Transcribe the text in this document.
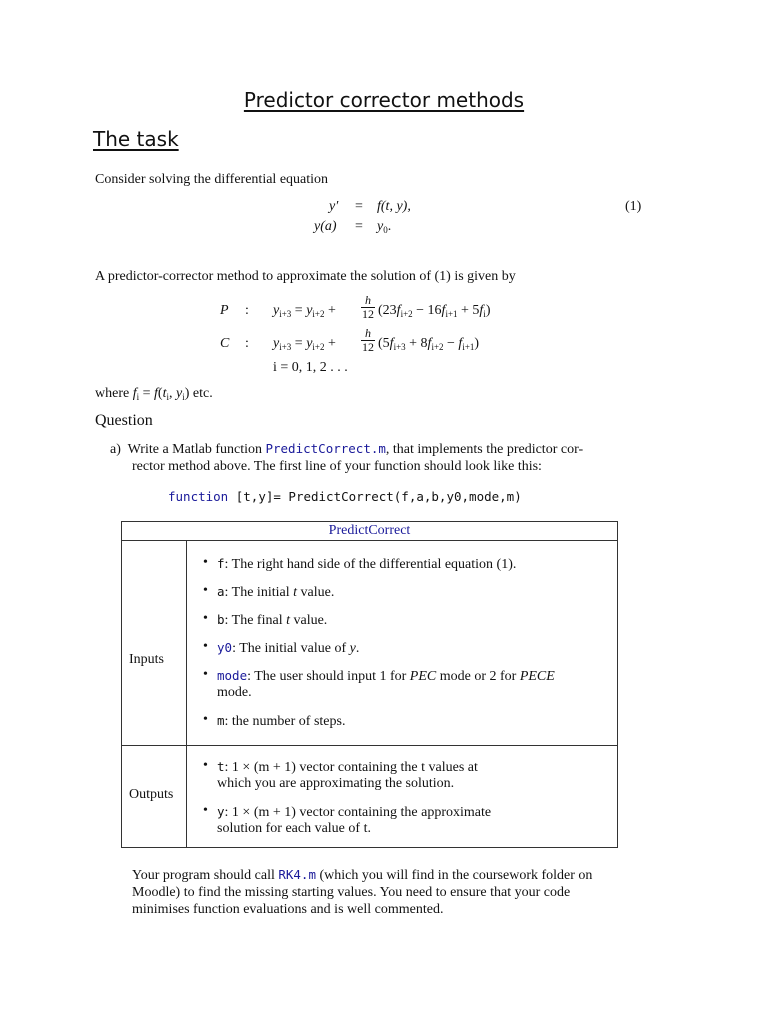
Predictor corrector methods
The task
Consider solving the differential equation
y′ = f(t, y),	(1)
$y(a) = y_0$.
A predictor-corrector method to approximate the solution of (1) is given by
P : $y_{i+3} = y_{i+2} + \frac{h}{12} (23f_{i+2} - 16f_{i+1} + 5f_i)$
C : $y_{i+3} = y_{i+2} + \frac{h}{12} (5f_{i+3} + 8f_{i+2} - f_{i+1})$
i = 0, 1, 2 . . .
where $f_i = f(t_i$, $y_i$) etc.
Question
a) Write a Matlab function PredictCorrect.m, that implements the predictor cor-
rector method above. The first line of your function should look like this:
function [t,y]= PredictCorrect(f,a,b,y0,mode,m)
PredictCorrect
Inputs
• f: The right hand side of the differential equation (1).
• a: The initial t value.
• b: The final t value.
• y0: The initial value of y.
• mode: The user should input 1 for PEC mode or 2 for PECE
mode.
• m: the number of steps.
Outputs
• t: 1 × (m + 1) vector containing the t values at
which you are approximating the solution.
• y: 1 × (m + 1) vector containing the approximate
solution for each value of t.
Your program should call RK4.m (which you will find in the coursework folder on
Moodle) to find the missing starting values. You need to ensure that your code
minimises function evaluations and is well commented.
